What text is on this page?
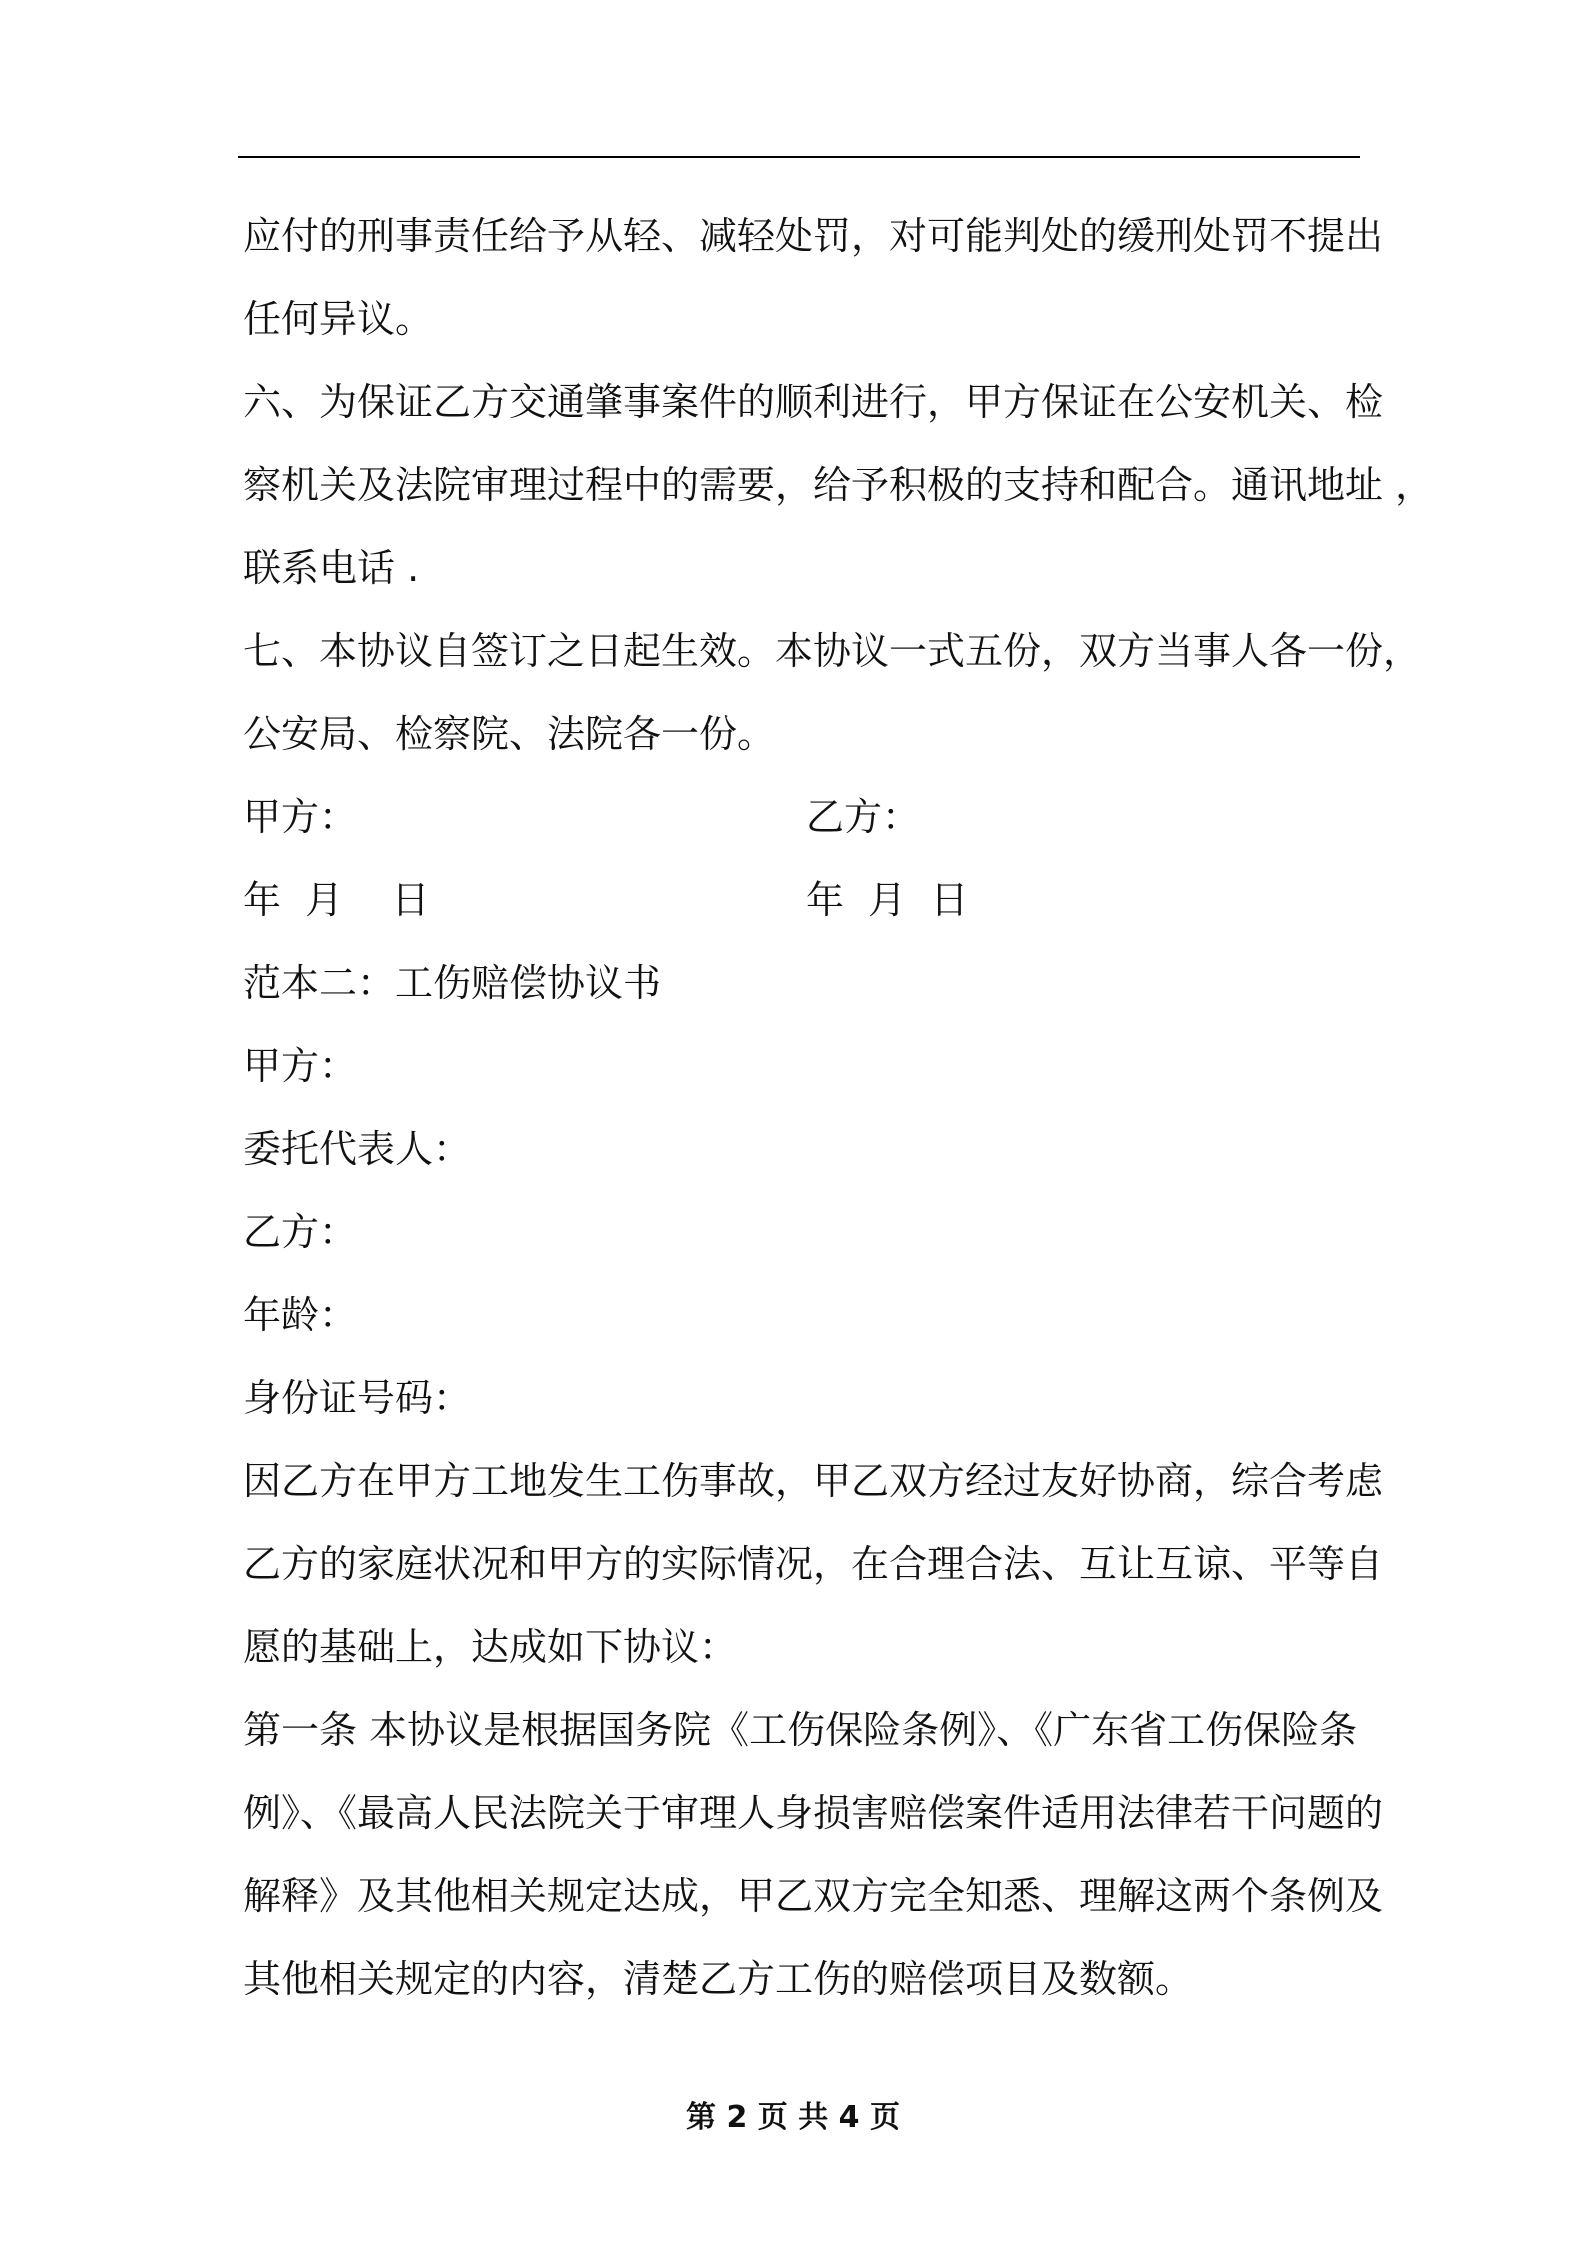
应付的刑事责任给予从轻、减轻处罚，对可能判处的缓刑处罚不提出
任何异议。
六、为保证乙方交通肇事案件的顺利进行，甲方保证在公安机关、检
察机关及法院审理过程中的需要，给予积极的支持和配合。通讯地址 ，
联系电话 .
七、本协议自签订之日起生效。本协议一式五份，双方当事人各一份，
公安局、检察院、法院各一份。
甲方：	乙方：
年  月    日	年  月  日
范本二：工伤赔偿协议书
甲方：
委托代表人：
乙方：
年龄：
身份证号码：
因乙方在甲方工地发生工伤事故，甲乙双方经过友好协商，综合考虑
乙方的家庭状况和甲方的实际情况，在合理合法、互让互谅、平等自
愿的基础上，达成如下协议：
第一条 本协议是根据国务院《工伤保险条例》、《广东省工伤保险条
例》、《最高人民法院关于审理人身损害赔偿案件适用法律若干问题的
解释》及其他相关规定达成，甲乙双方完全知悉、理解这两个条例及
其他相关规定的内容，清楚乙方工伤的赔偿项目及数额。
第 2 页 共 4 页
